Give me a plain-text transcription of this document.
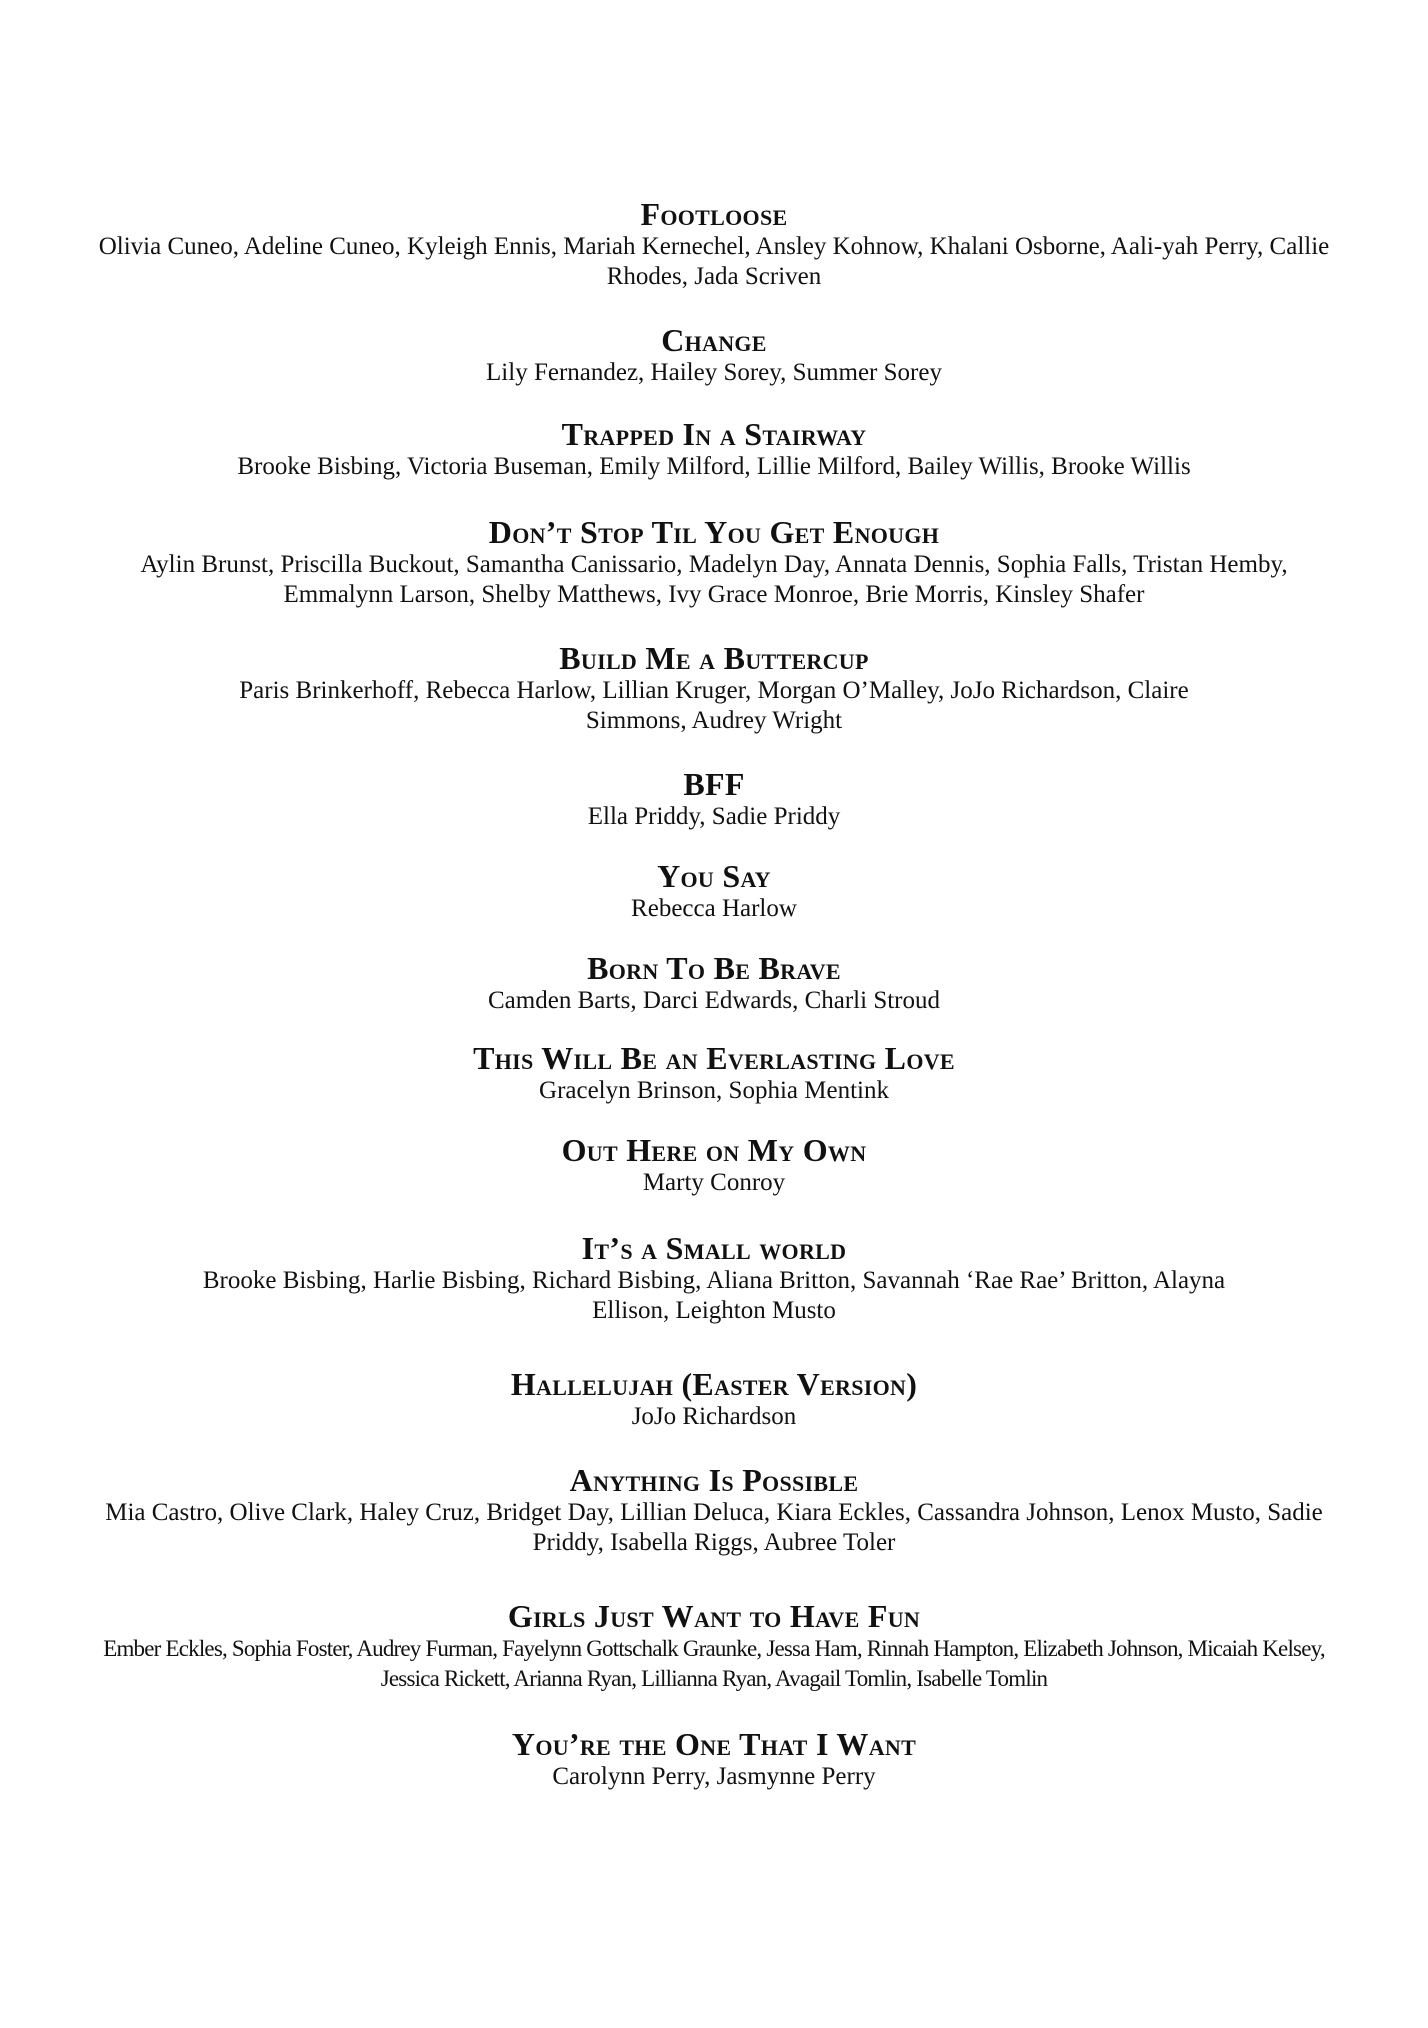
Footloose

Olivia Cuneo, Adeline Cuneo, Kyleigh Ennis, Mariah Kernechel, Ansley Kohnow, Khalani Osborne, Aali-yah Perry, Callie Rhodes, Jada Scriven

Change

Lily Fernandez, Hailey Sorey, Summer Sorey

Trapped In a Stairway

Brooke Bisbing, Victoria Buseman, Emily Milford, Lillie Milford, Bailey Willis, Brooke Willis

Don’t Stop Til You Get Enough

Aylin Brunst, Priscilla Buckout, Samantha Canissario, Madelyn Day, Annata Dennis, Sophia Falls, Tristan Hemby, Emmalynn Larson, Shelby Matthews, Ivy Grace Monroe, Brie Morris, Kinsley Shafer

Build Me a Buttercup

Paris Brinkerhoff, Rebecca Harlow, Lillian Kruger, Morgan O’Malley, JoJo Richardson, Claire Simmons, Audrey Wright

BFF

Ella Priddy, Sadie Priddy

You Say

Rebecca Harlow

Born To Be Brave

Camden Barts, Darci Edwards, Charli Stroud

This Will Be an Everlasting Love

Gracelyn Brinson, Sophia Mentink

Out Here on My Own

Marty Conroy

It’s a Small world

Brooke Bisbing, Harlie Bisbing, Richard Bisbing, Aliana Britton, Savannah ‘Rae Rae’ Britton, Alayna Ellison, Leighton Musto

Hallelujah (Easter Version)

JoJo Richardson

Anything Is Possible

Mia Castro, Olive Clark, Haley Cruz, Bridget Day, Lillian Deluca, Kiara Eckles, Cassandra Johnson, Lenox Musto, Sadie Priddy, Isabella Riggs, Aubree Toler

Girls Just Want to Have Fun

Ember Eckles, Sophia Foster, Audrey Furman, Fayelynn Gottschalk Graunke, Jessa Ham, Rinnah Hampton, Elizabeth Johnson, Micaiah Kelsey, Jessica Rickett, Arianna Ryan, Lillianna Ryan, Avagail Tomlin, Isabelle Tomlin

You’re the One That I Want

Carolynn Perry, Jasmynne Perry
